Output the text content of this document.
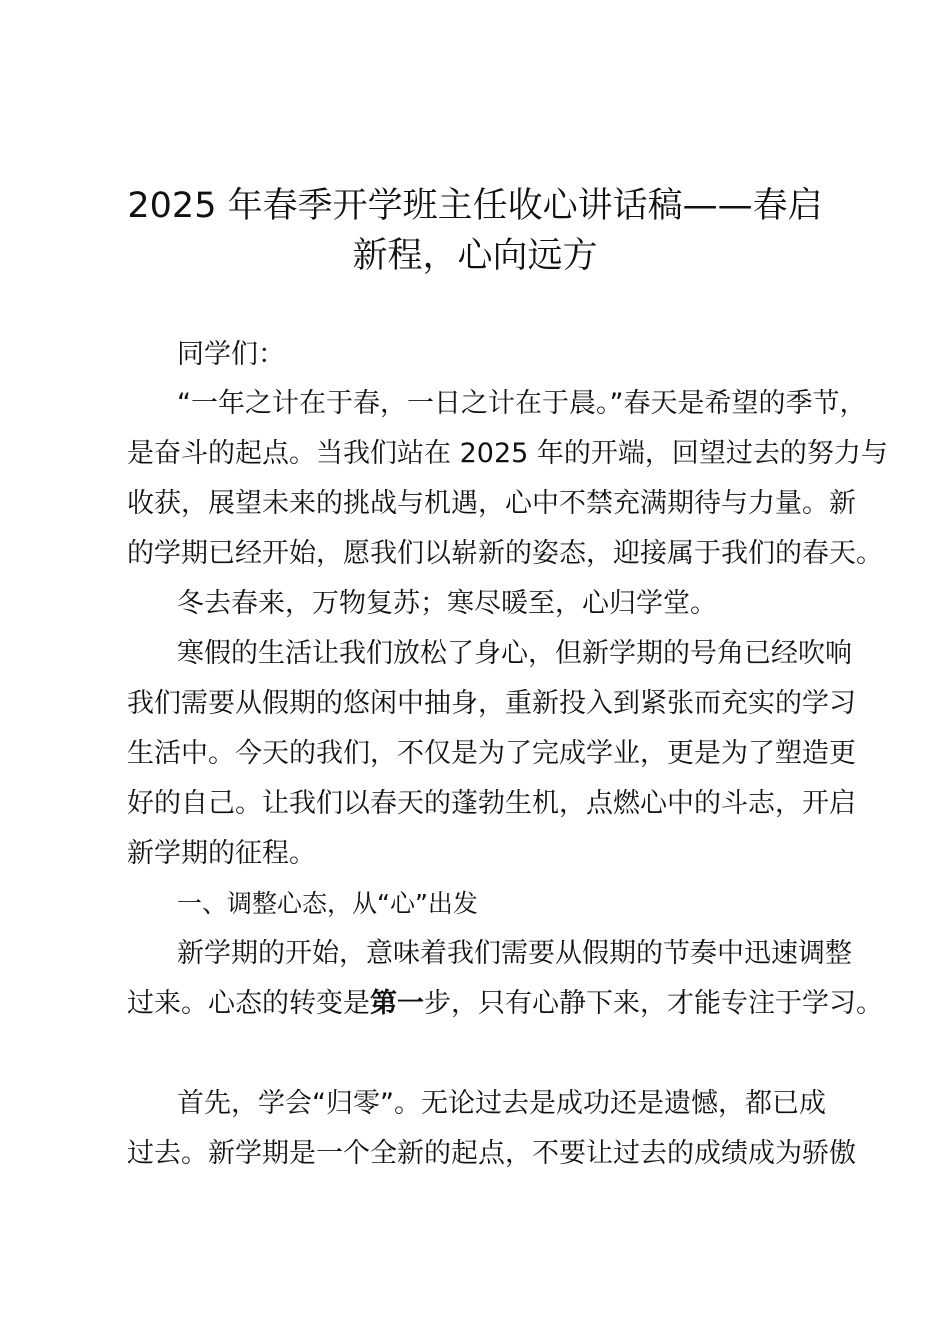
2025 年春季开学班主任收心讲话稿——春启
新程，心向远方
同学们：
“一年之计在于春，一日之计在于晨。”春天是希望的季节，
是奋斗的起点。当我们站在 2025 年的开端，回望过去的努力与
收获，展望未来的挑战与机遇，心中不禁充满期待与力量。新
的学期已经开始，愿我们以崭新的姿态，迎接属于我们的春天。
冬去春来，万物复苏；寒尽暖至，心归学堂。
寒假的生活让我们放松了身心，但新学期的号角已经吹响
我们需要从假期的悠闲中抽身，重新投入到紧张而充实的学习
生活中。今天的我们，不仅是为了完成学业，更是为了塑造更
好的自己。让我们以春天的蓬勃生机，点燃心中的斗志，开启
新学期的征程。
一、调整心态，从“心”出发
新学期的开始，意味着我们需要从假期的节奏中迅速调整
过来。心态的转变是第一步，只有心静下来，才能专注于学习。
首先，学会“归零”。无论过去是成功还是遗憾，都已成
过去。新学期是一个全新的起点，不要让过去的成绩成为骄傲
